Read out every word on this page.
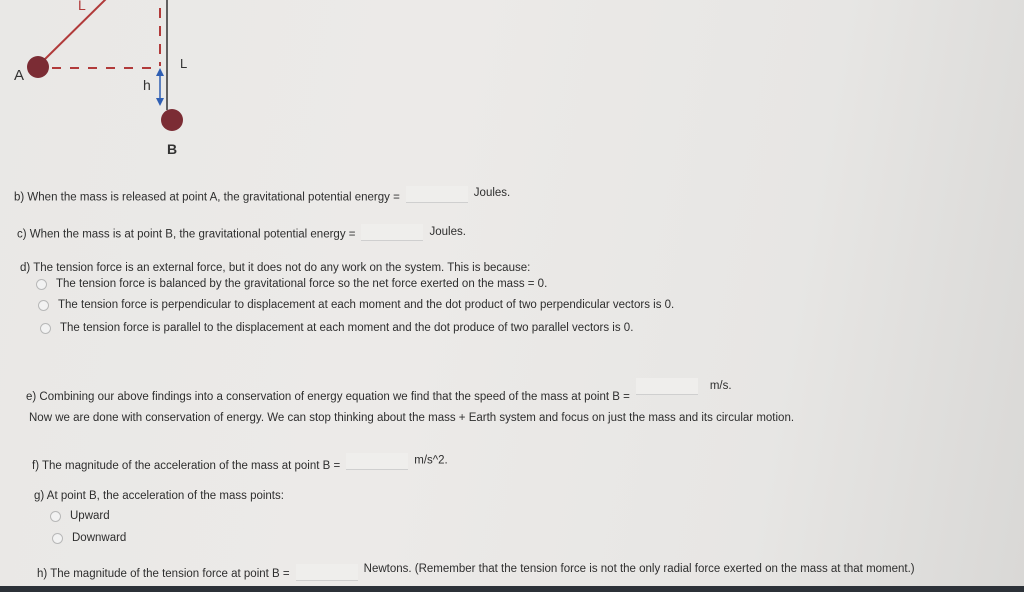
L
A
L
h
B
b) When the mass is released at point A, the gravitational potential energy =	Joules.
c) When the mass is at point B, the gravitational potential energy =	Joules.
d) The tension force is an external force, but it does not do any work on the system. This is because:
The tension force is balanced by the gravitational force so the net force exerted on the mass = 0.
The tension force is perpendicular to displacement at each moment and the dot product of two perpendicular vectors is 0.
The tension force is parallel to the displacement at each moment and the dot produce of two parallel vectors is 0.
e) Combining our above findings into a conservation of energy equation we find that the speed of the mass at point B =m/s.
Now we are done with conservation of energy. We can stop thinking about the mass + Earth system and focus on just the mass and its circular motion.
f) The magnitude of the acceleration of the mass at point B =	m/s^2.
g) At point B, the acceleration of the mass points:
Upward
Downward
h) The magnitude of the tension force at point B =	Newtons. (Remember that the tension force is not the only radial force exerted on the mass at that moment.)
